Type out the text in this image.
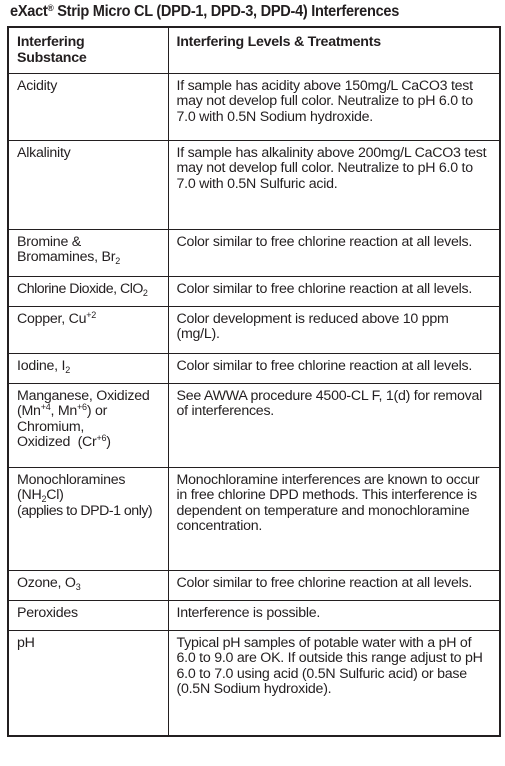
eXact® Strip Micro CL (DPD-1, DPD-3, DPD-4) Interferences
Interfering
Substance	Interfering Levels & Treatments
Acidity	If sample has acidity above 150mg/L CaCO3 test may not develop full color. Neutralize to pH 6.0 to 7.0 with 0.5N Sodium hydroxide.
Alkalinity	If sample has alkalinity above 200mg/L CaCO3 test may not develop full color. Neutralize to pH 6.0 to 7.0 with 0.5N Sulfuric acid.

Bromine &
Bromamines, $Br_2$	Color similar to free chlorine reaction at all levels.
Chlorine Dioxide, ClO$_2$	Color similar to free chlorine reaction at all levels.
Copper, $Cu^{+2}$	Color development is reduced above 10 ppm (mg/L).
Iodine, $I_2$	Color similar to free chlorine reaction at all levels.

Manganese, Oxidized
($Mn^{+4}$, $Mn^{+6}$) or
Chromium,
Oxidized  $(Cr^{+6})$	See AWWA procedure 4500-CL F, 1(d) for removal of interferences.

Monochloramines
$(NH_2Cl)$
(applies to DPD-1 only)	Monochloramine interferences are known to occur in free chlorine DPD methods. This interference is dependent on temperature and monochloramine concentration.
Ozone, $O_3$	Color similar to free chlorine reaction at all levels.
Peroxides	Interference is possible.
pH	Typical pH samples of potable water with a pH of 6.0 to 9.0 are OK. If outside this range adjust to pH 6.0 to 7.0 using acid (0.5N Sulfuric acid) or base (0.5N Sodium hydroxide).
